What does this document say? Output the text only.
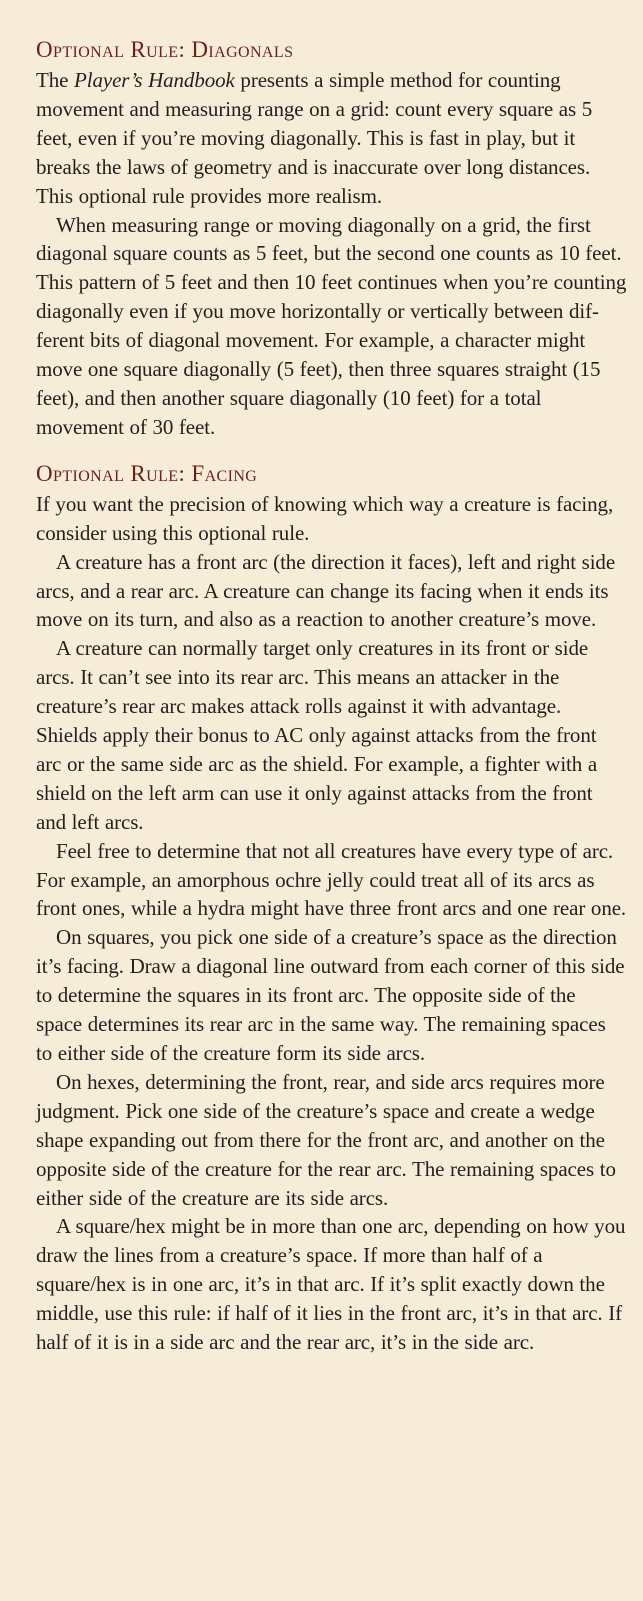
Optional Rule: Diagonals

The Player’s Handbook presents a simple method for counting movement and measuring range on a grid: count every square as 5 feet, even if you’re moving diagonally. This is fast in play, but it breaks the laws of geometry and is inaccurate over long distances. This optional rule provides more realism.

When measuring range or moving diagonally on a grid, the first diagonal square counts as 5 feet, but the second one counts as 10 feet. This pattern of 5 feet and then 10 feet continues when you’re counting diagonally even if you move horizontally or vertically between different bits of diagonal movement. For example, a character might move one square diagonally (5 feet), then three squares straight (15 feet), and then another square diagonally (10 feet) for a total movement of 30 feet.

Optional Rule: Facing

If you want the precision of knowing which way a creature is facing, consider using this optional rule.

A creature has a front arc (the direction it faces), left and right side arcs, and a rear arc. A creature can change its facing when it ends its move on its turn, and also as a reaction to another creature’s move.

A creature can normally target only creatures in its front or side arcs. It can’t see into its rear arc. This means an attacker in the creature’s rear arc makes attack rolls against it with advantage. Shields apply their bonus to AC only against attacks from the front arc or the same side arc as the shield. For example, a fighter with a shield on the left arm can use it only against attacks from the front and left arcs.

Feel free to determine that not all creatures have every type of arc. For example, an amorphous ochre jelly could treat all of its arcs as front ones, while a hydra might have three front arcs and one rear one.

On squares, you pick one side of a creature’s space as the direction it’s facing. Draw a diagonal line outward from each corner of this side to determine the squares in its front arc. The opposite side of the space determines its rear arc in the same way. The remaining spaces to either side of the creature form its side arcs.

On hexes, determining the front, rear, and side arcs requires more judgment. Pick one side of the creature’s space and create a wedge shape expanding out from there for the front arc, and another on the opposite side of the creature for the rear arc. The remaining spaces to either side of the creature are its side arcs.

A square/hex might be in more than one arc, depending on how you draw the lines from a creature’s space. If more than half of a square/hex is in one arc, it’s in that arc. If it’s split exactly down the middle, use this rule: if half of it lies in the front arc, it’s in that arc. If half of it is in a side arc and the rear arc, it’s in the side arc.
